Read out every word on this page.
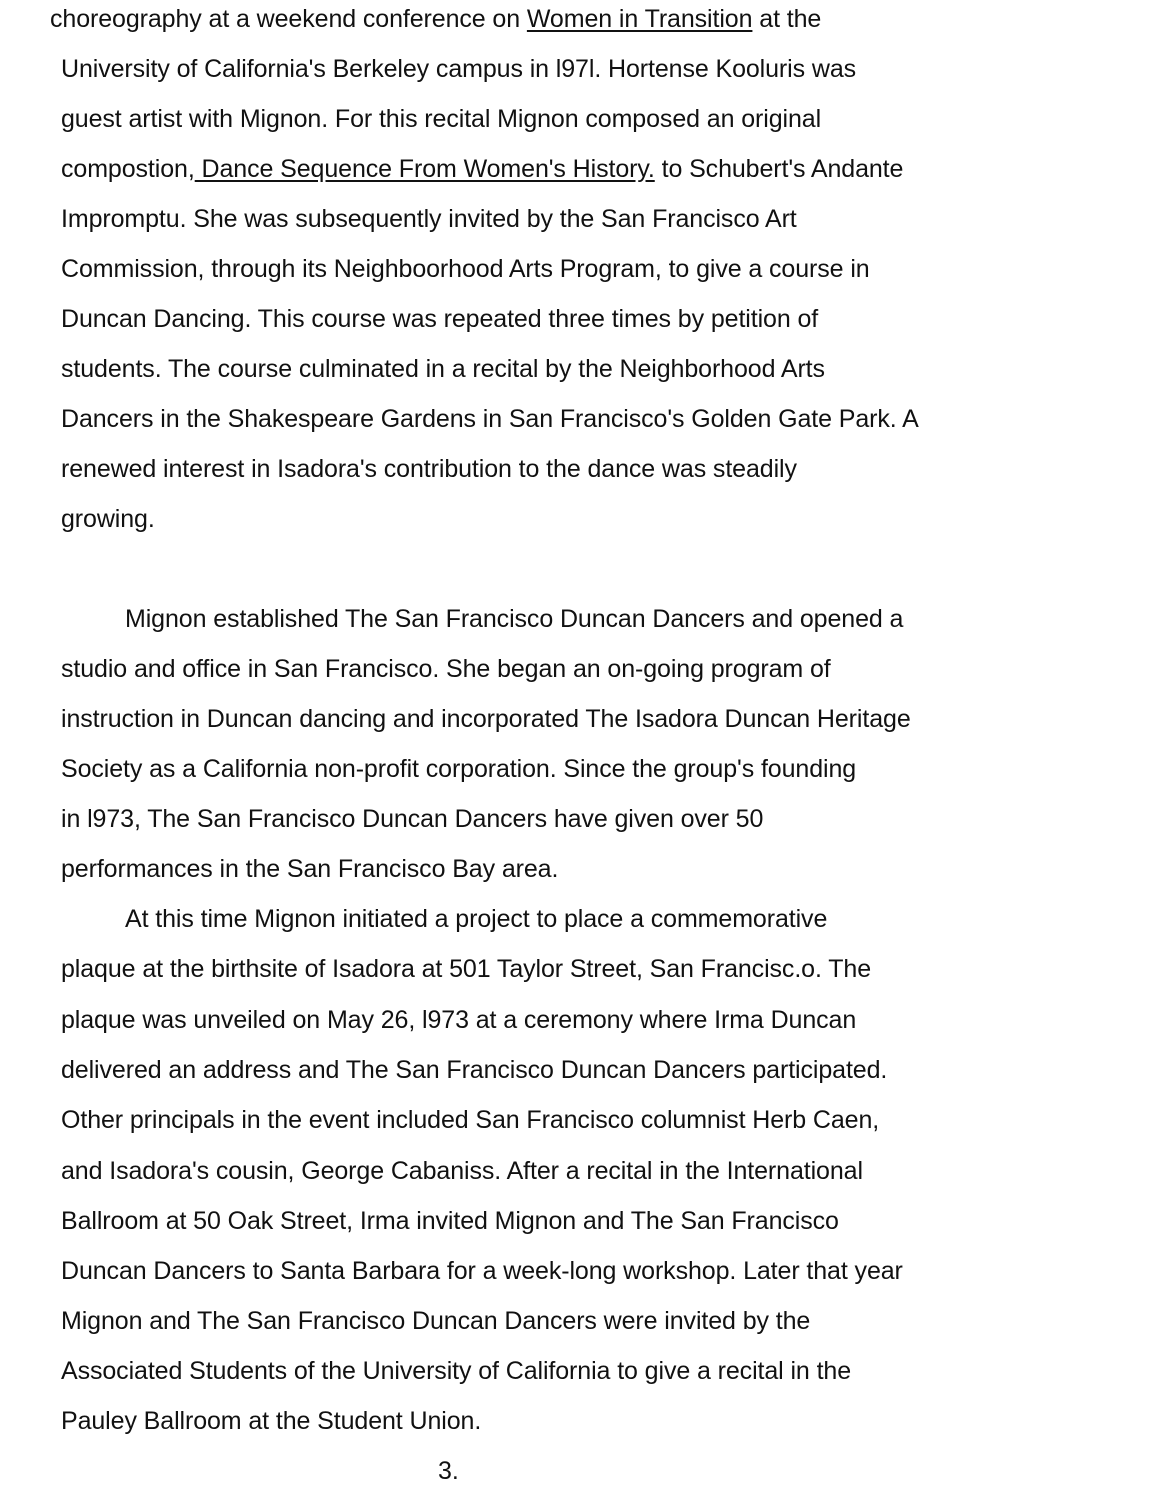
choreography at a weekend conference on Women in Transition at the
University of California's Berkeley campus in l97l. Hortense Kooluris was
guest artist with Mignon. For this recital Mignon composed an original
compostion, Dance Sequence From Women's History. to Schubert's Andante
Impromptu. She was subsequently invited by the San Francisco Art
Commission, through its Neighboorhood Arts Program, to give a course in
Duncan Dancing. This course was repeated three times by petition of
students. The course culminated in a recital by the Neighborhood Arts
Dancers in the Shakespeare Gardens in San Francisco's Golden Gate Park. A
renewed interest in Isadora's contribution to the dance was steadily
growing.
Mignon established The San Francisco Duncan Dancers and opened a
studio and office in San Francisco. She began an on-going program of
instruction in Duncan dancing and incorporated The Isadora Duncan Heritage
Society as a California non-profit corporation. Since the group's founding
in l973, The San Francisco Duncan Dancers have given over 50
performances in the San Francisco Bay area.
At this time Mignon initiated a project to place a commemorative
plaque at the birthsite of Isadora at 501 Taylor Street, San Francisc.o. The
plaque was unveiled on May 26, l973 at a ceremony where Irma Duncan
delivered an address and The San Francisco Duncan Dancers participated.
Other principals in the event included San Francisco columnist Herb Caen,
and Isadora's cousin, George Cabaniss. After a recital in the International
Ballroom at 50 Oak Street, Irma invited Mignon and The San Francisco
Duncan Dancers to Santa Barbara for a week-long workshop. Later that year
Mignon and The San Francisco Duncan Dancers were invited by the
Associated Students of the University of California to give a recital in the
Pauley Ballroom at the Student Union.
3.
